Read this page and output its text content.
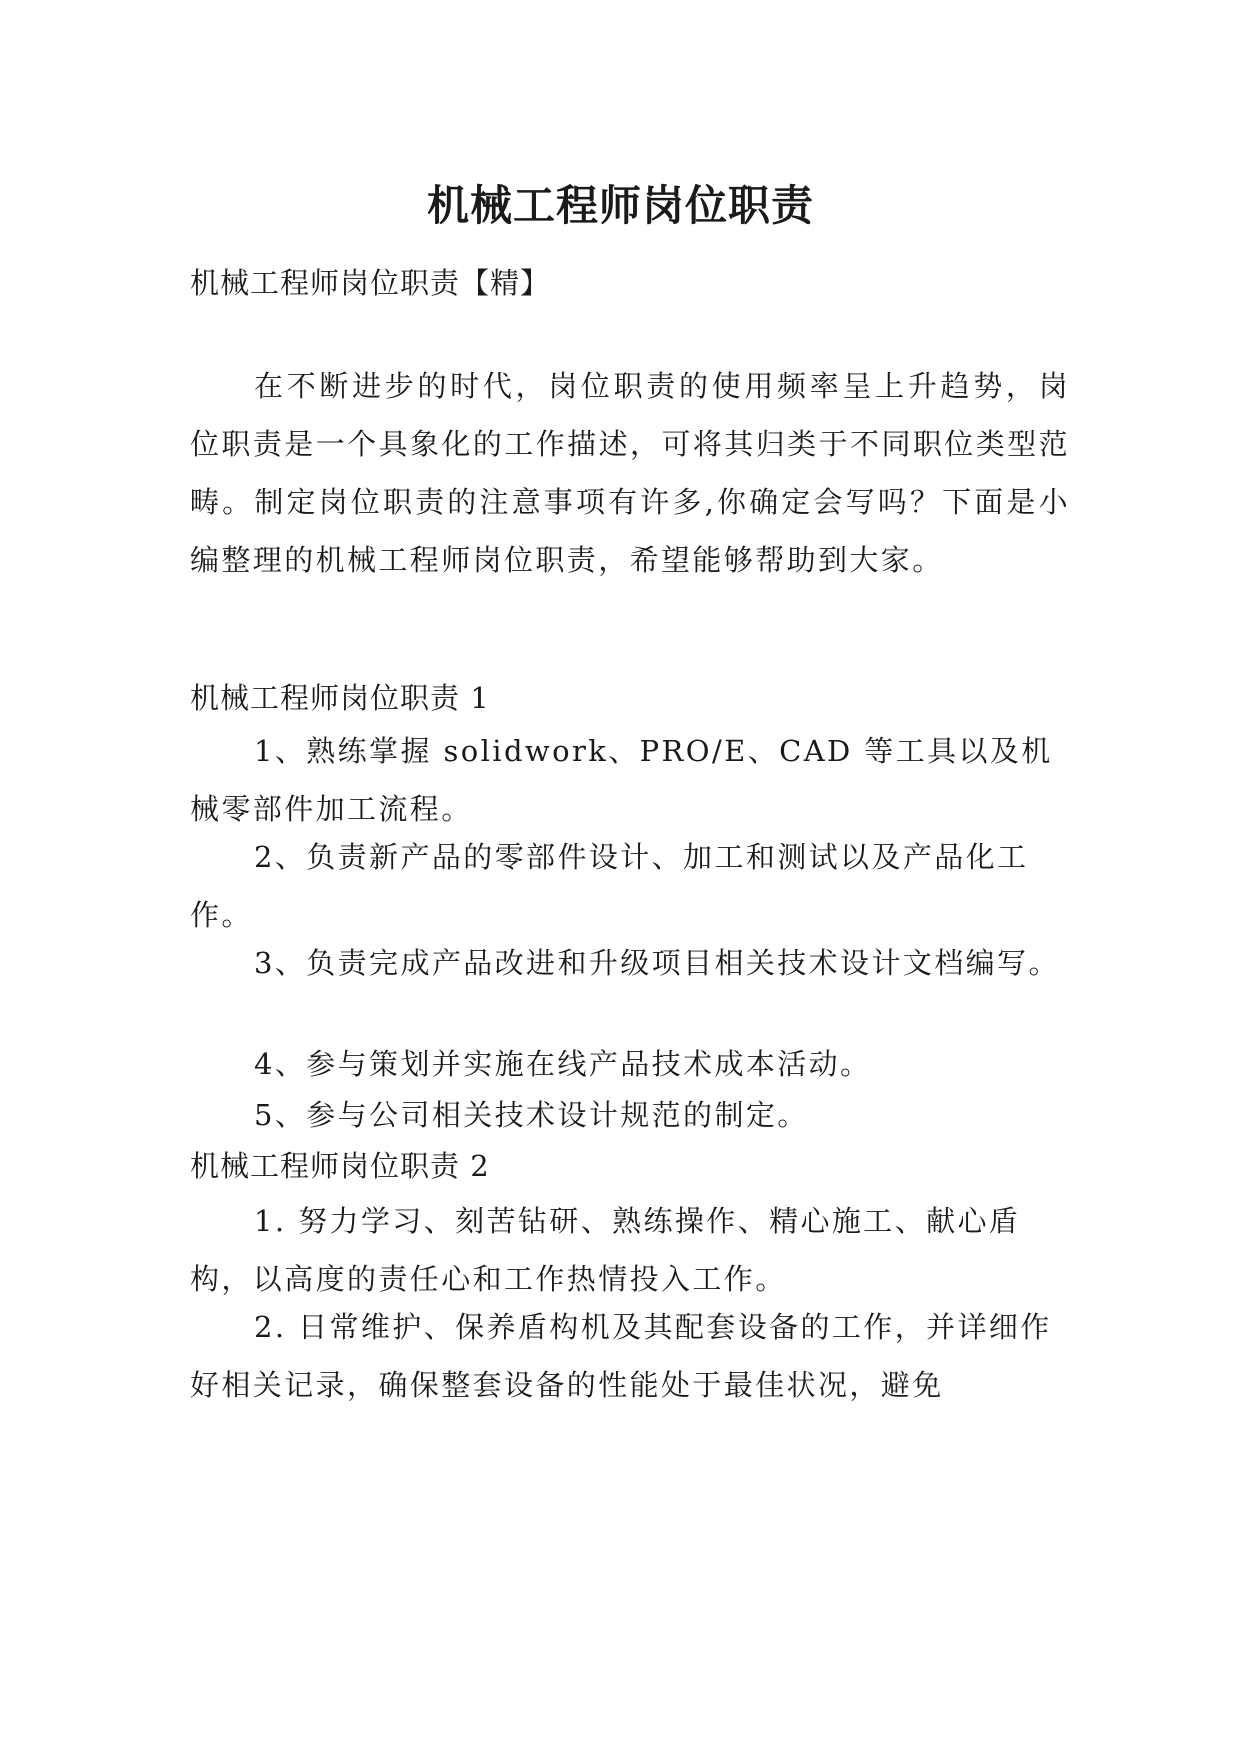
机械工程师岗位职责

机械工程师岗位职责【精】

在不断进步的时代，岗位职责的使用频率呈上升趋势，岗位职责是一个具象化的工作描述，可将其归类于不同职位类型范畴。制定岗位职责的注意事项有许多,你确定会写吗？下面是小编整理的机械工程师岗位职责，希望能够帮助到大家。

机械工程师岗位职责 1

1、熟练掌握 solidwork、PRO/E、CAD 等工具以及机械零部件加工流程。

2、负责新产品的零部件设计、加工和测试以及产品化工作。

3、负责完成产品改进和升级项目相关技术设计文档编写。

4、参与策划并实施在线产品技术成本活动。

5、参与公司相关技术设计规范的制定。

机械工程师岗位职责 2

1. 努力学习、刻苦钻研、熟练操作、精心施工、献心盾构，以高度的责任心和工作热情投入工作。

2. 日常维护、保养盾构机及其配套设备的工作，并详细作好相关记录，确保整套设备的性能处于最佳状况，避免
